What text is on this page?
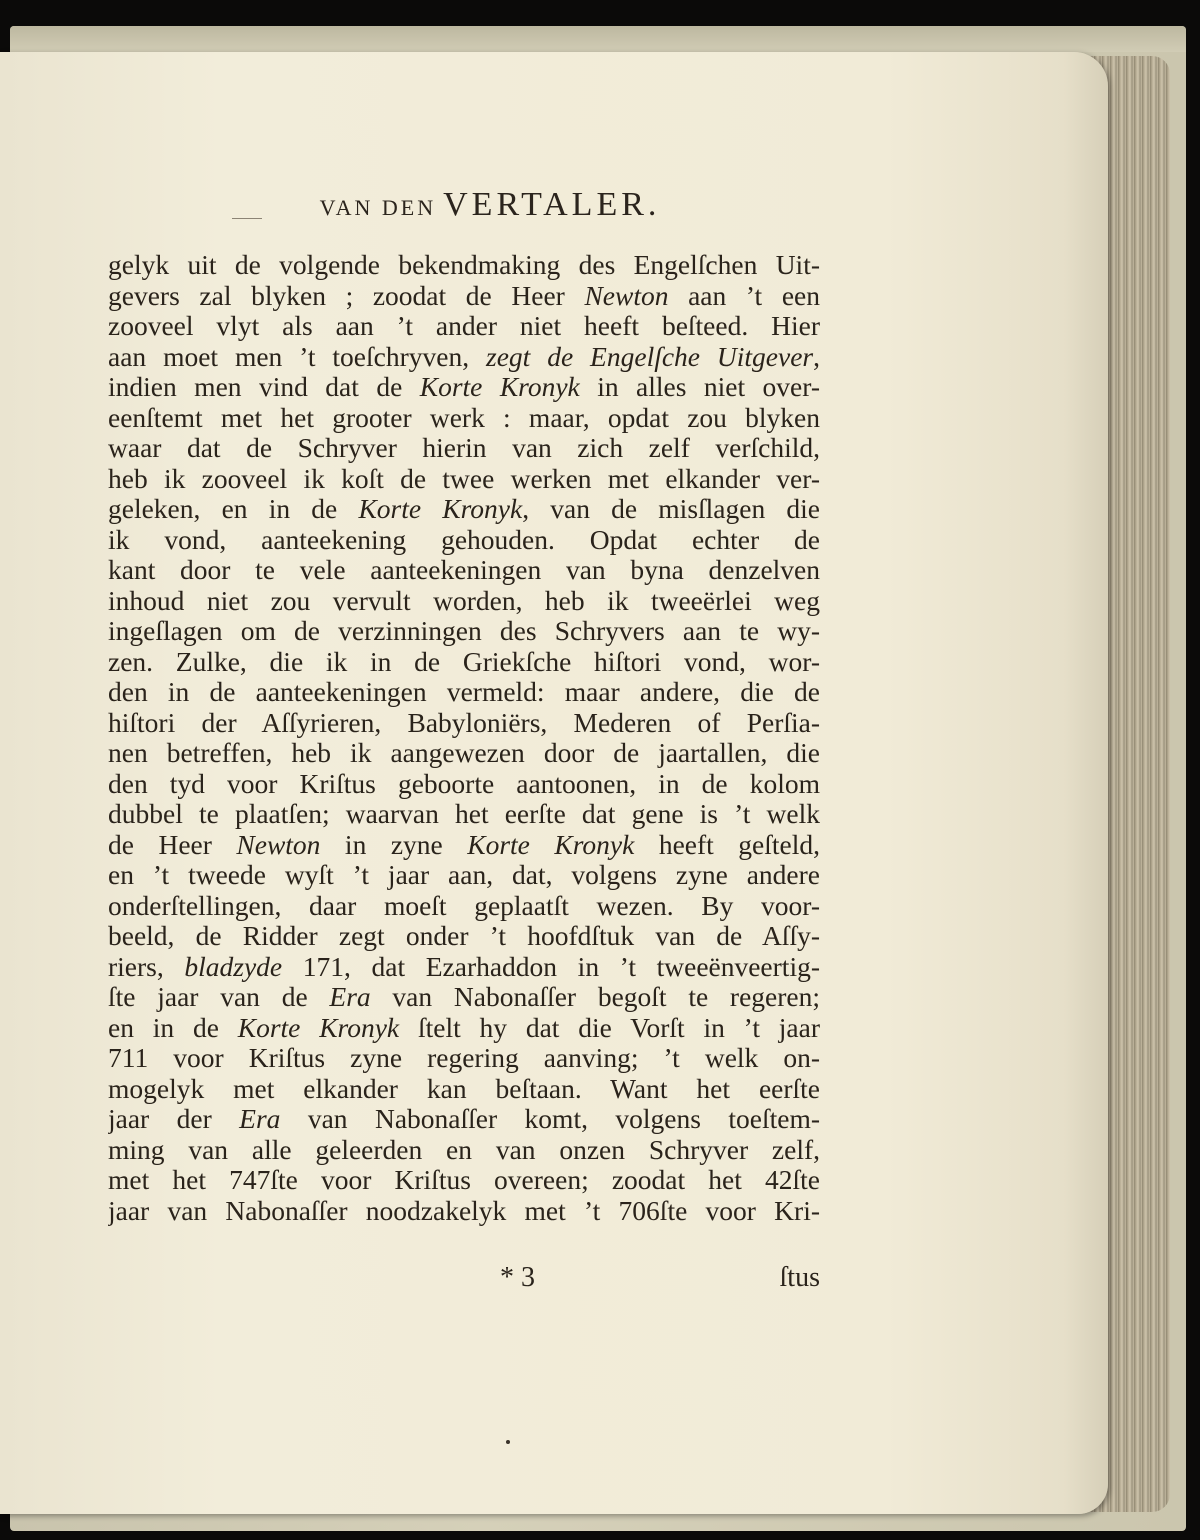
VAN DEN VERTALER.
gelyk uit de volgende bekendmaking des Engelſchen Uit-
gevers zal blyken ; zoodat de Heer Newton aan ’t een
zooveel vlyt als aan ’t ander niet heeft beſteed. Hier
aan moet men ’t toeſchryven, zegt de Engelſche Uitgever,
indien men vind dat de Korte Kronyk in alles niet over-
eenſtemt met het grooter werk : maar, opdat zou blyken
waar dat de Schryver hierin van zich zelf verſchild,
heb ik zooveel ik koſt de twee werken met elkander ver-
geleken, en in de Korte Kronyk, van de misſlagen die
ik vond, aanteekening gehouden. Opdat echter de
kant door te vele aanteekeningen van byna denzelven
inhoud niet zou vervult worden, heb ik tweeërlei weg
ingeſlagen om de verzinningen des Schryvers aan te wy-
zen. Zulke, die ik in de Griekſche hiſtori vond, wor-
den in de aanteekeningen vermeld: maar andere, die de
hiſtori der Aſſyrieren, Babyloniërs, Mederen of Perſia-
nen betreffen, heb ik aangewezen door de jaartallen, die
den tyd voor Kriſtus geboorte aantoonen, in de kolom
dubbel te plaatſen; waarvan het eerſte dat gene is ’t welk
de Heer Newton in zyne Korte Kronyk heeft geſteld,
en ’t tweede wyſt ’t jaar aan, dat, volgens zyne andere
onderſtellingen, daar moeſt geplaatſt wezen. By voor-
beeld, de Ridder zegt onder ’t hoofdſtuk van de Aſſy-
riers, bladzyde 171, dat Ezarhaddon in ’t tweeënveertig-
ſte jaar van de Era van Nabonaſſer begoſt te regeren;
en in de Korte Kronyk ſtelt hy dat die Vorſt in ’t jaar
711 voor Kriſtus zyne regering aanving; ’t welk on-
mogelyk met elkander kan beſtaan. Want het eerſte
jaar der Era van Nabonaſſer komt, volgens toeſtem-
ming van alle geleerden en van onzen Schryver zelf,
met het 747ſte voor Kriſtus overeen; zoodat het 42ſte
jaar van Nabonaſſer noodzakelyk met ’t 706ſte voor Kri-
* 3	ſtus
